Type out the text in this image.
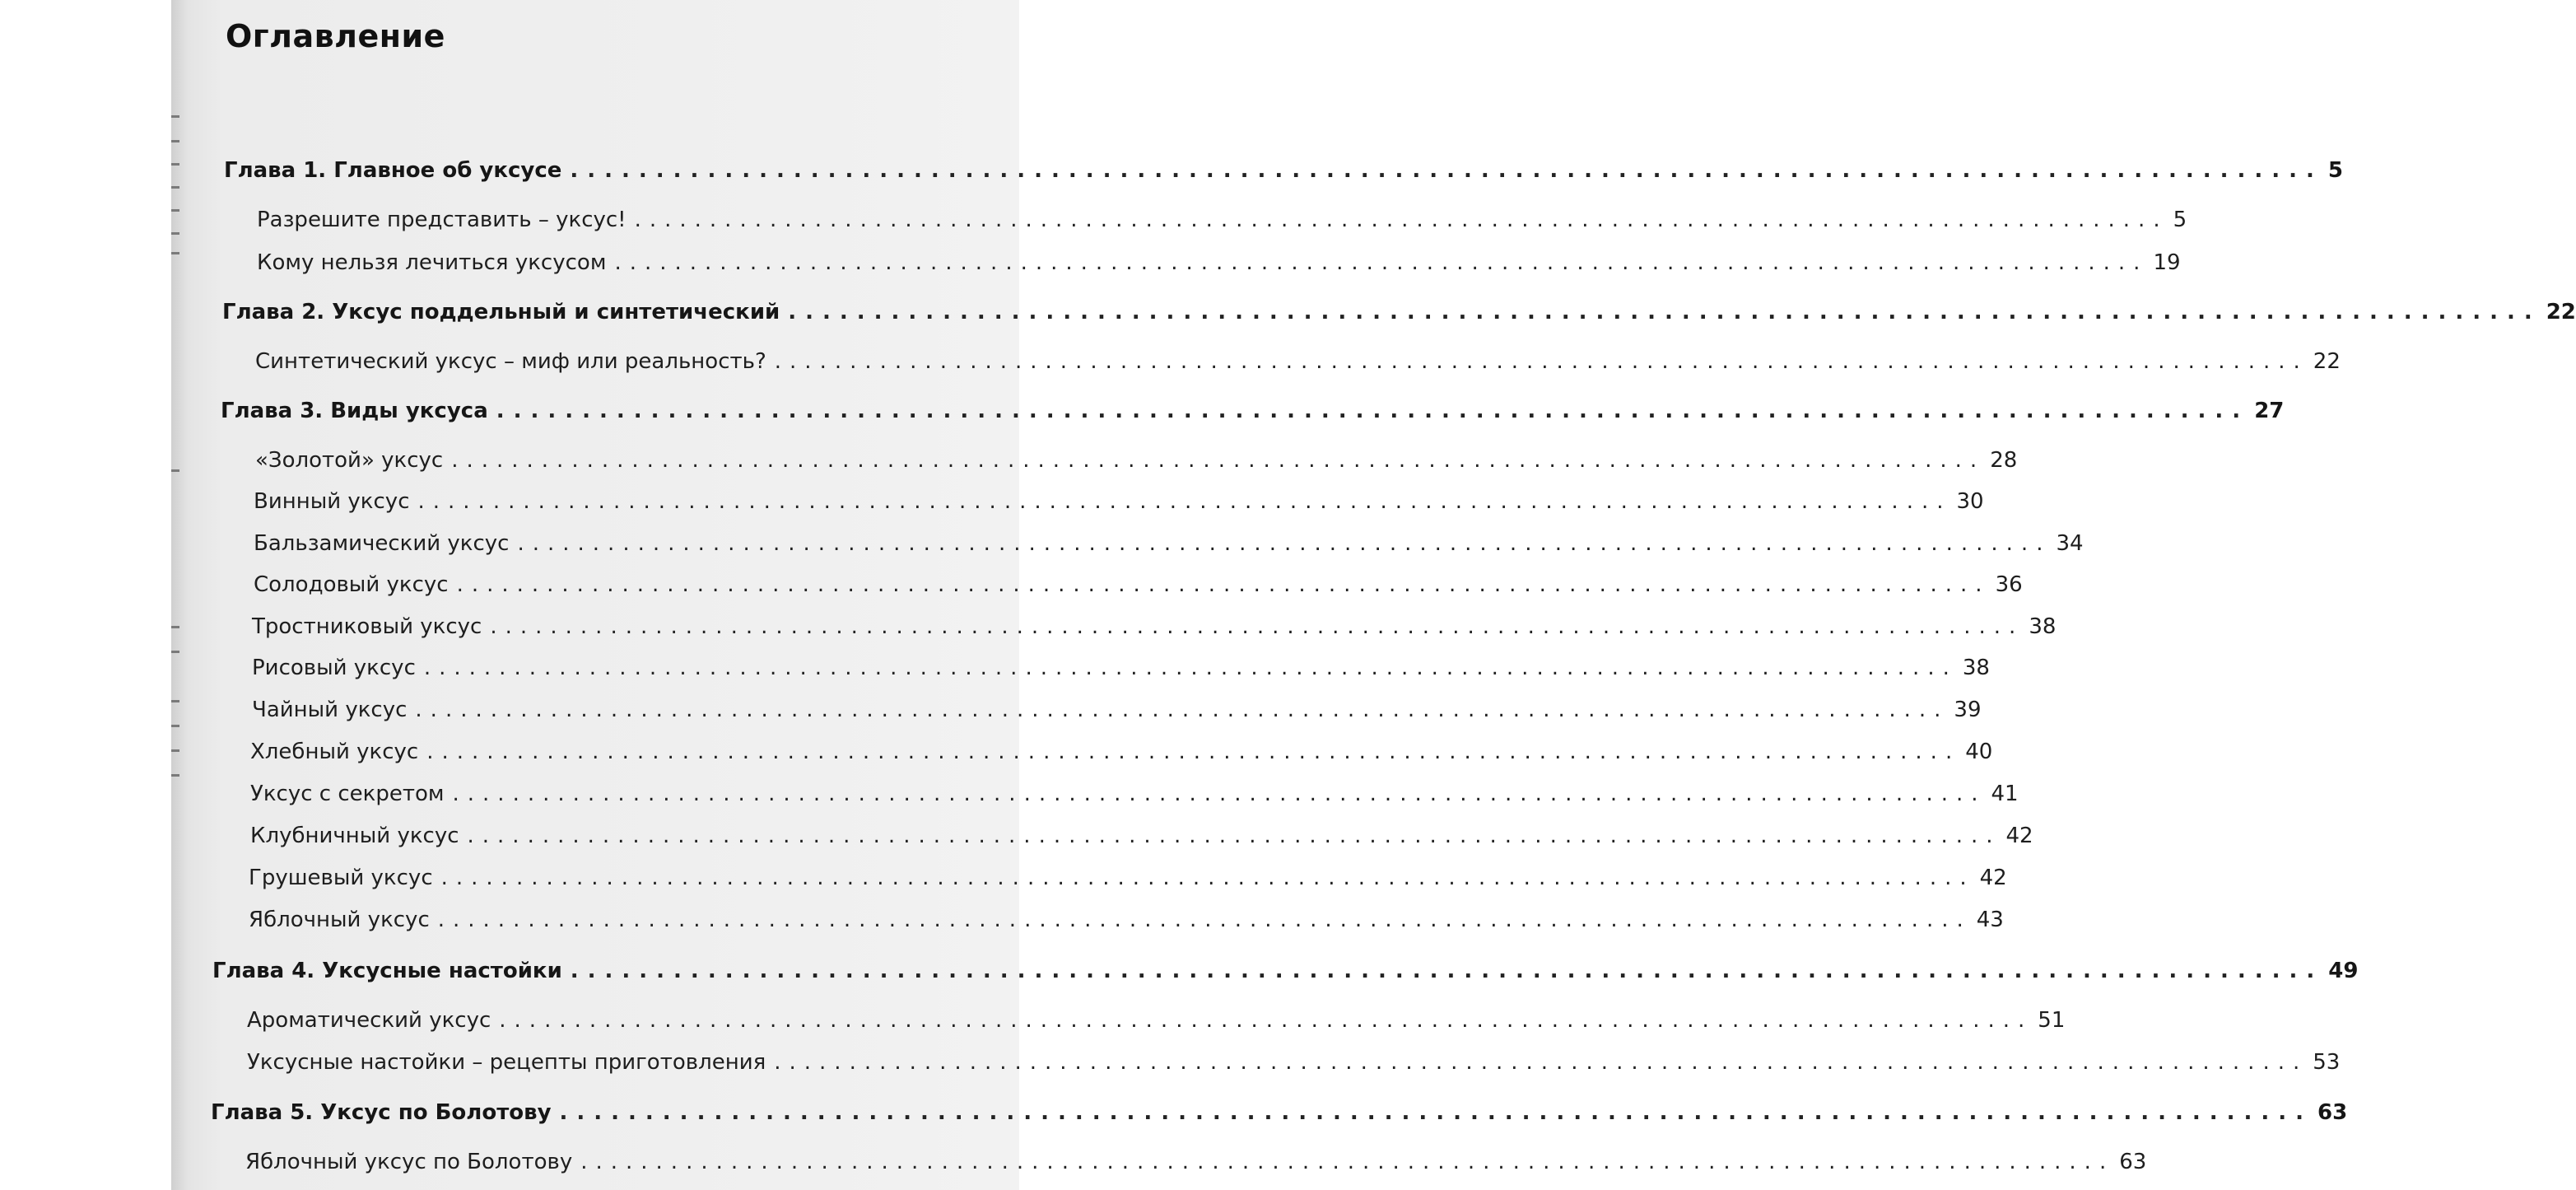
Оглавление
Глава 1. Главное об уксусе ...................................................................................................... 5
Разрешите представить – уксус! ...................................................................................................... 5
Кому нельзя лечиться уксусом ...................................................................................................... 19
Глава 2. Уксус поддельный и синтетический ...................................................................................................... 22
Синтетический уксус – миф или реальность? ...................................................................................................... 22
Глава 3. Виды уксуса ...................................................................................................... 27
«Золотой» уксус ...................................................................................................... 28
Винный уксус ...................................................................................................... 30
Бальзамический уксус ...................................................................................................... 34
Солодовый уксус ...................................................................................................... 36
Тростниковый уксус ...................................................................................................... 38
Рисовый уксус ...................................................................................................... 38
Чайный уксус ...................................................................................................... 39
Хлебный уксус ...................................................................................................... 40
Уксус с секретом ...................................................................................................... 41
Клубничный уксус ...................................................................................................... 42
Грушевый уксус ...................................................................................................... 42
Яблочный уксус ...................................................................................................... 43
Глава 4. Уксусные настойки ...................................................................................................... 49
Ароматический уксус ...................................................................................................... 51
Уксусные настойки – рецепты приготовления ...................................................................................................... 53
Глава 5. Уксус по Болотову ...................................................................................................... 63
Яблочный уксус по Болотову ...................................................................................................... 63
